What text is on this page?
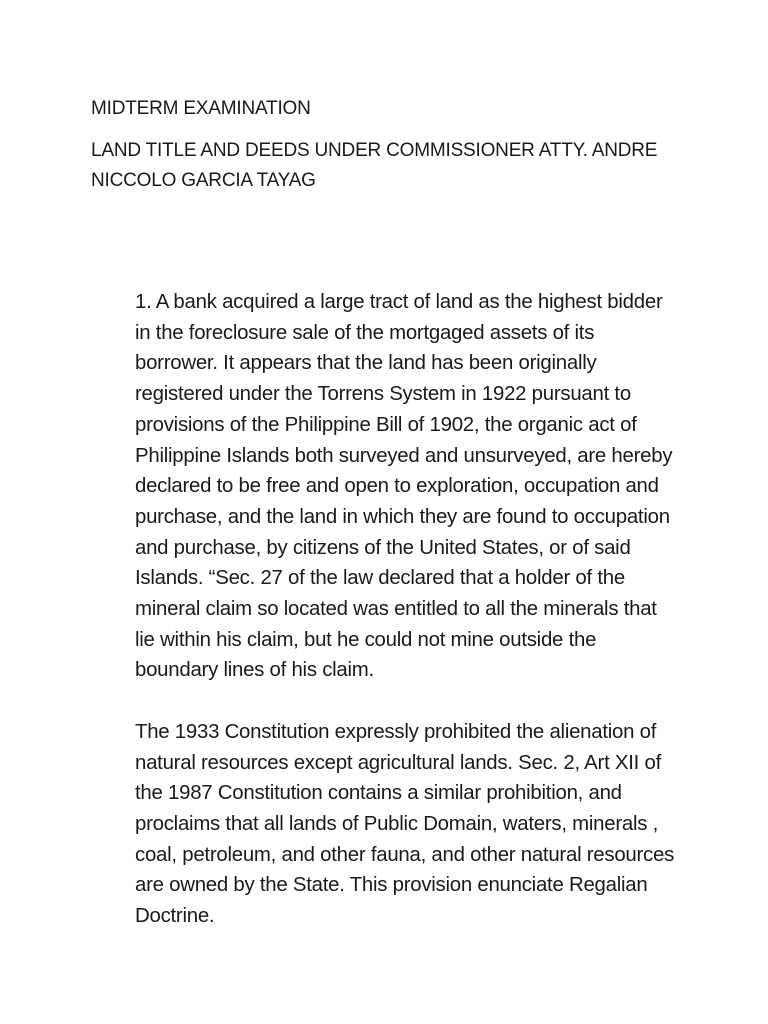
MIDTERM EXAMINATION
LAND TITLE AND DEEDS UNDER COMMISSIONER ATTY. ANDRE NICCOLO GARCIA TAYAG

1. A bank acquired a large tract of land as the highest bidder in the foreclosure sale of the mortgaged assets of its borrower. It appears that the land has been originally registered under the Torrens System in 1922 pursuant to provisions of the Philippine Bill of 1902, the organic act of Philippine Islands both surveyed and unsurveyed, are hereby declared to be free and open to exploration, occupation and purchase, and the land in which they are found to occupation and purchase, by citizens of the United States, or of said Islands. “Sec. 27 of the law declared that a holder of the mineral claim so located was entitled to all the minerals that lie within his claim, but he could not mine outside the boundary lines of his claim.

The 1933 Constitution expressly prohibited the alienation of natural resources except agricultural lands. Sec. 2, Art XII of the 1987 Constitution contains a similar prohibition, and proclaims that all lands of Public Domain, waters, minerals , coal, petroleum, and other fauna, and other natural resources are owned by the State. This provision enunciate Regalian Doctrine.
